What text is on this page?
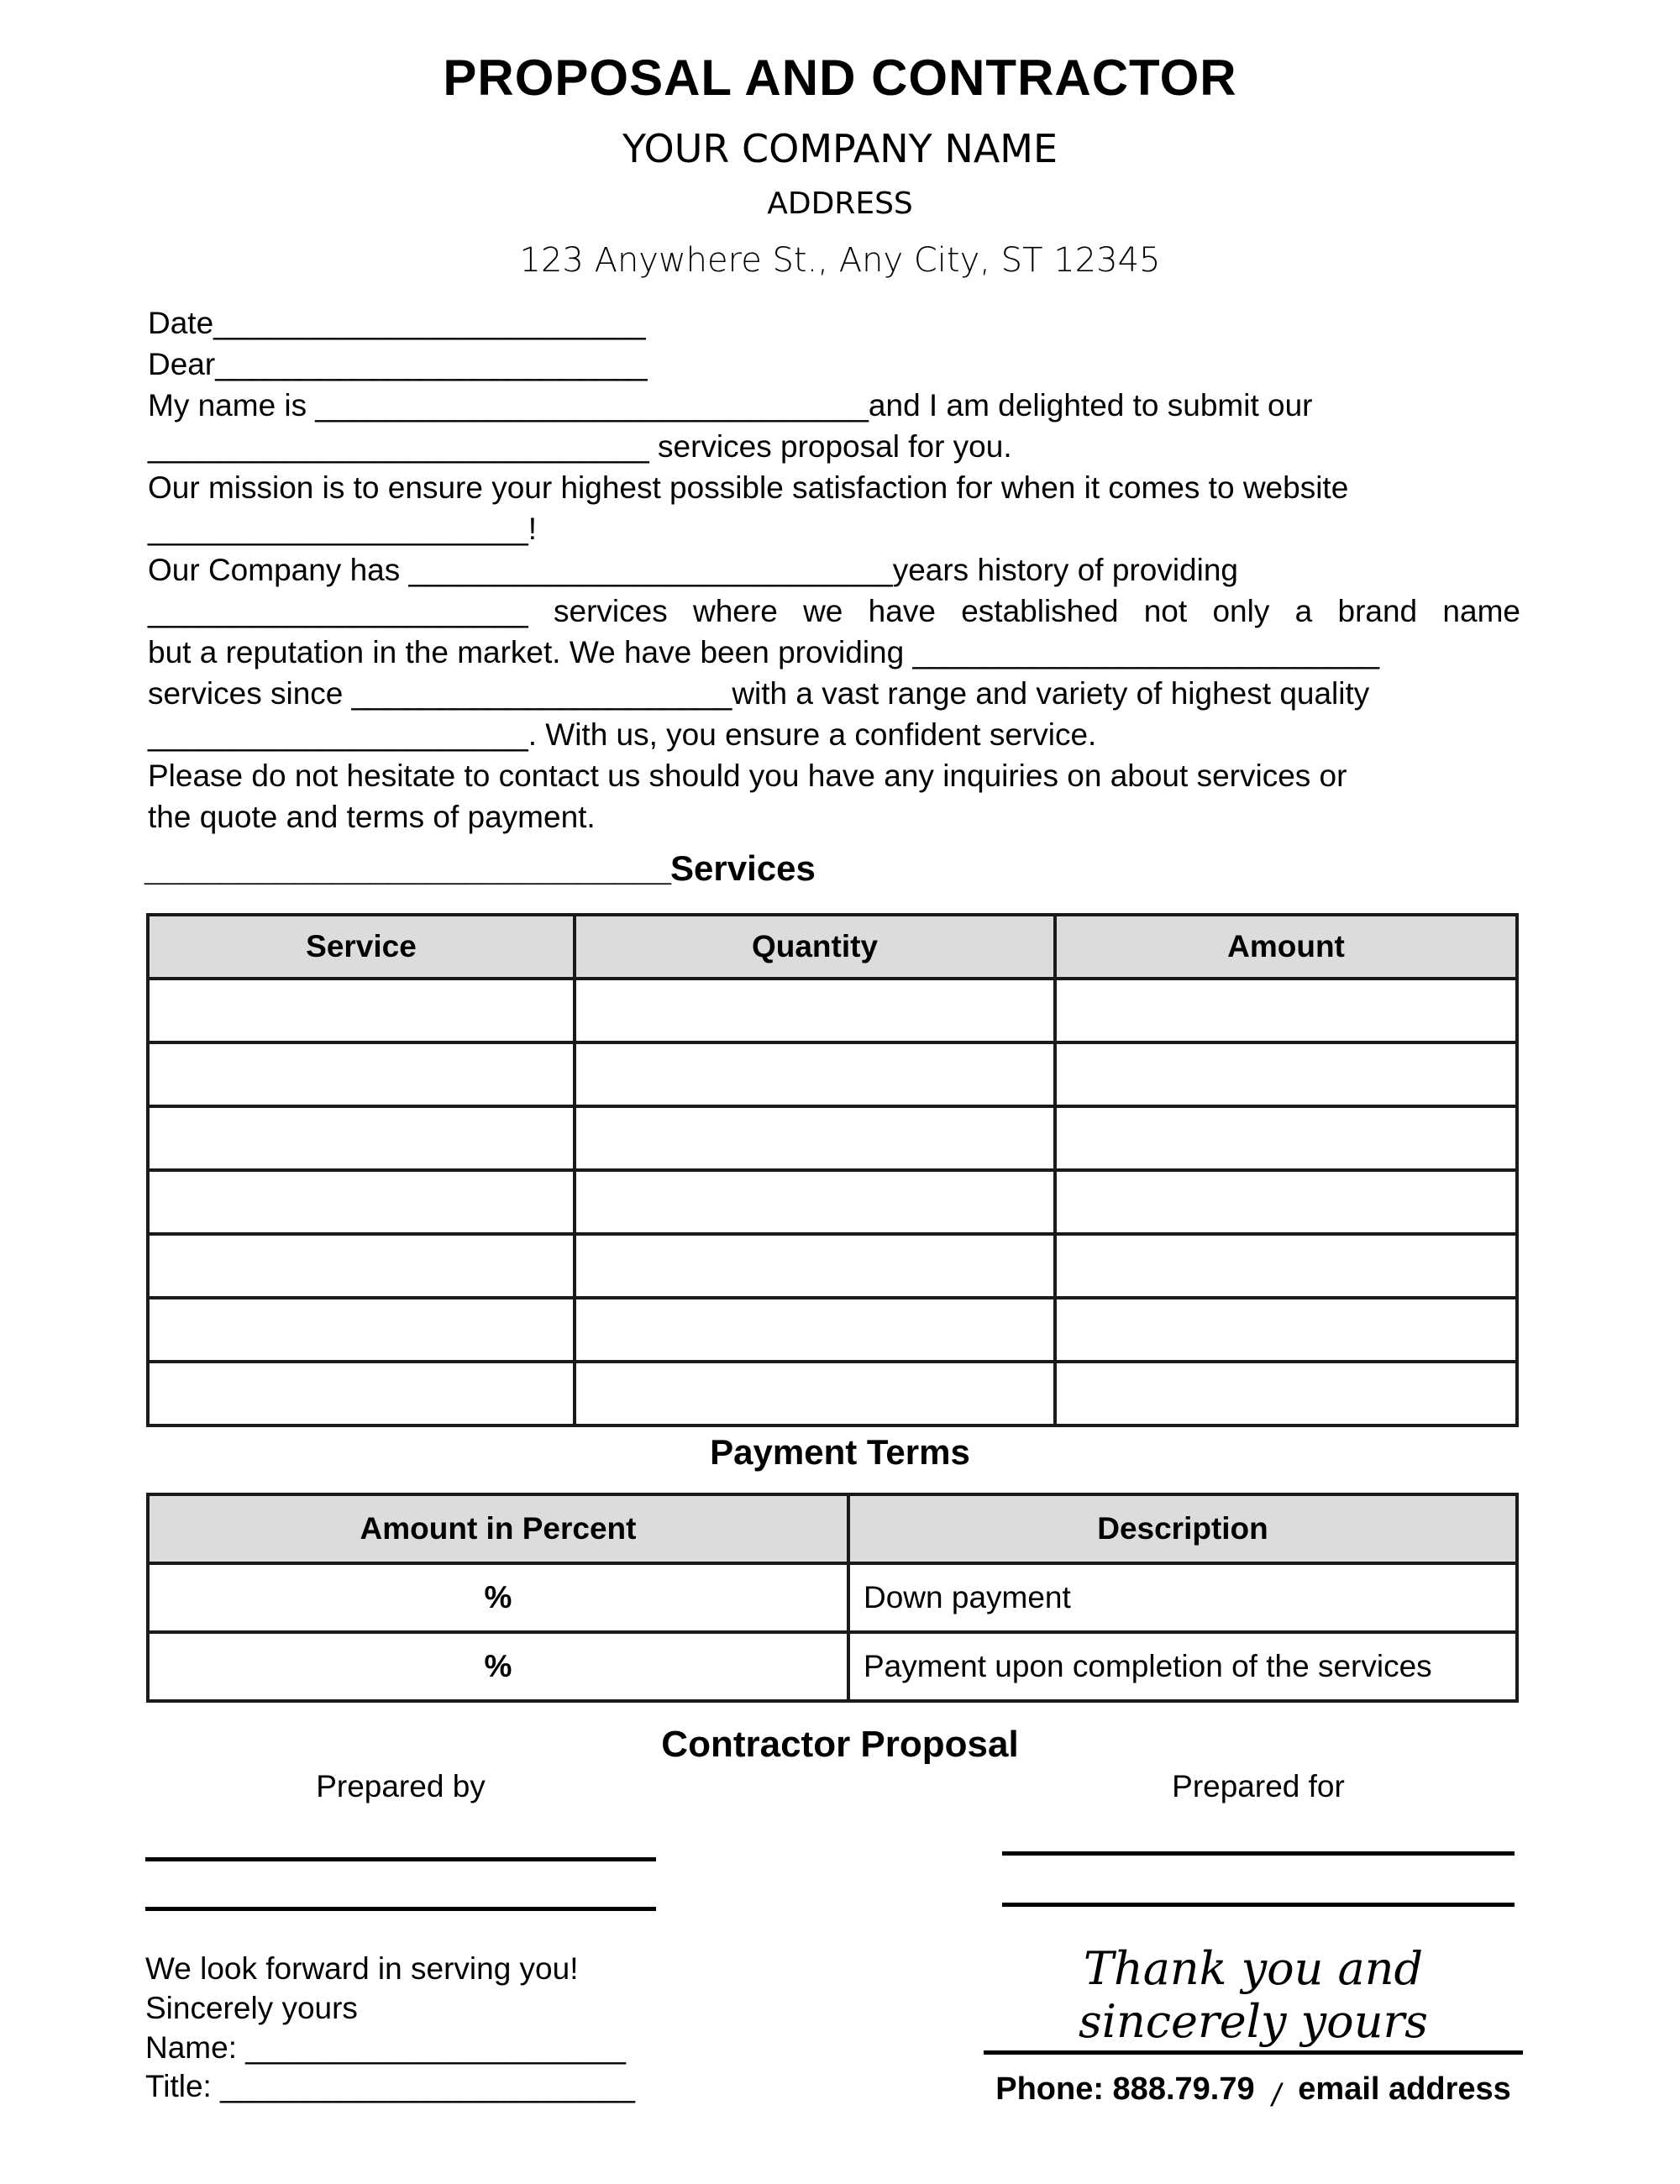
PROPOSAL AND CONTRACTOR
YOUR COMPANY NAME
ADDRESS
123 Anywhere St., Any City, ST 12345
Date_________________________
Dear_________________________
My name is ________________________________and I am delighted to submit our
_____________________________ services proposal for you.
Our mission is to ensure your highest possible satisfaction for when it comes to website
______________________!
Our Company has ____________________________years history of providing
______________________ services where we have established not only a brand name
but a reputation in the market. We have been providing ___________________________
services since ______________________with a vast range and variety of highest quality
______________________. With us, you ensure a confident service.
Please do not hesitate to contact us should you have any inquiries on about services or
the quote and terms of payment.
____________________________Services
Service	Quantity	Amount

Payment Terms
Amount in Percent	Description
%	Down payment
%	Payment upon completion of the services
Contractor Proposal
Prepared by	Prepared for
We look forward in serving you!
Sincerely yours
Name: ______________________
Title: ________________________
Thank you and sincerely yours
Phone: 888.79.79 / email address
